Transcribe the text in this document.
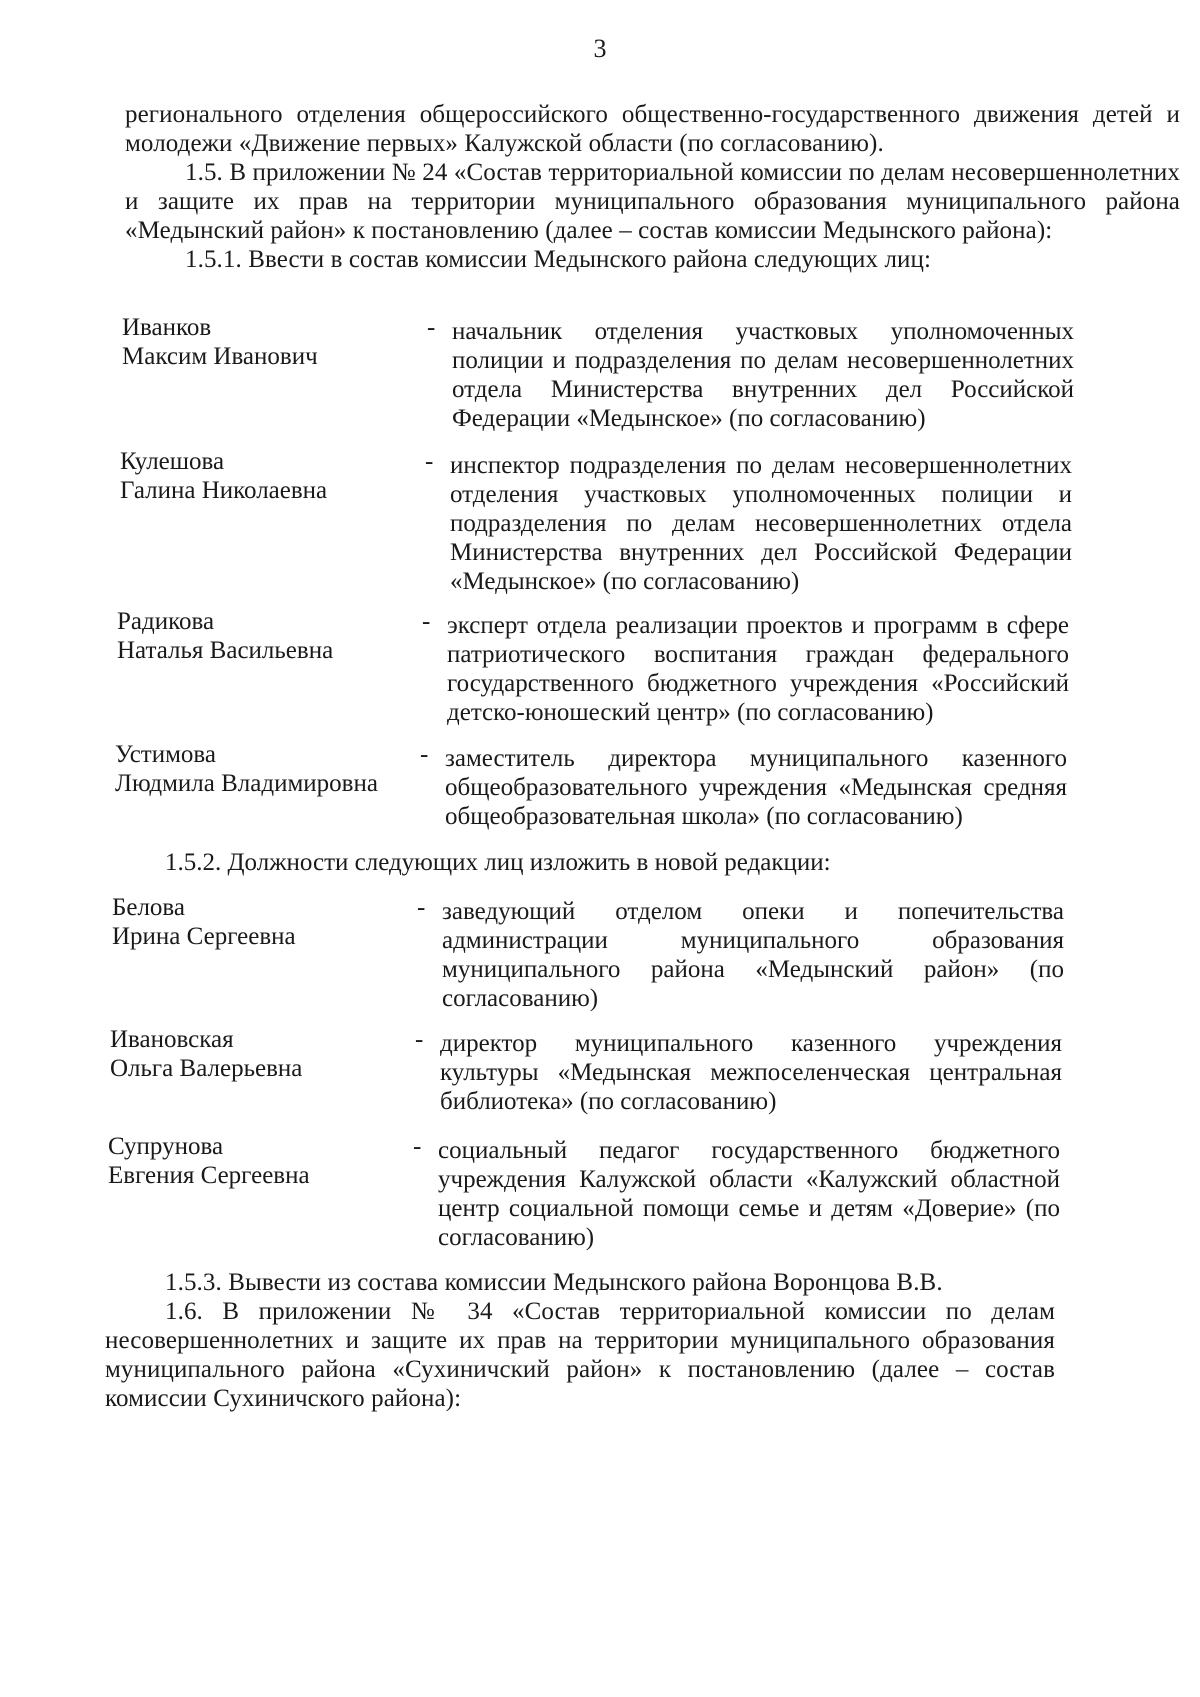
3

регионального отделения общероссийского общественно-государственного движения детей и молодежи «Движение первых» Калужской области (по согласованию).

1.5. В приложении № 24 «Состав территориальной комиссии по делам несовершеннолетних и защите их прав на территории муниципального образования муниципального района «Медынский район» к постановлению (далее – состав комиссии Медынского района):

1.5.1. Ввести в состав комиссии Медынского района следующих лиц:

Иванков
Максим Иванович
- начальник отделения участковых уполномоченных полиции и подразделения по делам несовершеннолетних отдела Министерства внутренних дел Российской Федерации «Медынское» (по согласованию)
Кулешова
Галина Николаевна
- инспектор подразделения по делам несовершеннолетних отделения участковых уполномоченных полиции и подразделения по делам несовершеннолетних отдела Министерства внутренних дел Российской Федерации «Медынское» (по согласованию)
Радикова
Наталья Васильевна
- эксперт отдела реализации проектов и программ в сфере патриотического воспитания граждан федерального государственного бюджетного учреждения «Российский детско-юношеский центр» (по согласованию)
Устимова
Людмила Владимировна
- заместитель директора муниципального казенного общеобразовательного учреждения «Медынская средняя общеобразовательная школа» (по согласованию)
1.5.2. Должности следующих лиц изложить в новой редакции:
Белова
Ирина Сергеевна
- заведующий отделом опеки и попечительства администрации муниципального образования муниципального района «Медынский район» (по согласованию)
Ивановская
Ольга Валерьевна
- директор муниципального казенного учреждения культуры «Медынская межпоселенческая центральная библиотека» (по согласованию)
Супрунова
Евгения Сергеевна
- социальный педагог государственного бюджетного учреждения Калужской области «Калужский областной центр социальной помощи семье и детям «Доверие» (по согласованию)

1.5.3. Вывести из состава комиссии Медынского района Воронцова В.В.

1.6. В приложении № 34 «Состав территориальной комиссии по делам несовершеннолетних и защите их прав на территории муниципального образования муниципального района «Сухиничский район» к постановлению (далее – состав комиссии Сухиничского района):
